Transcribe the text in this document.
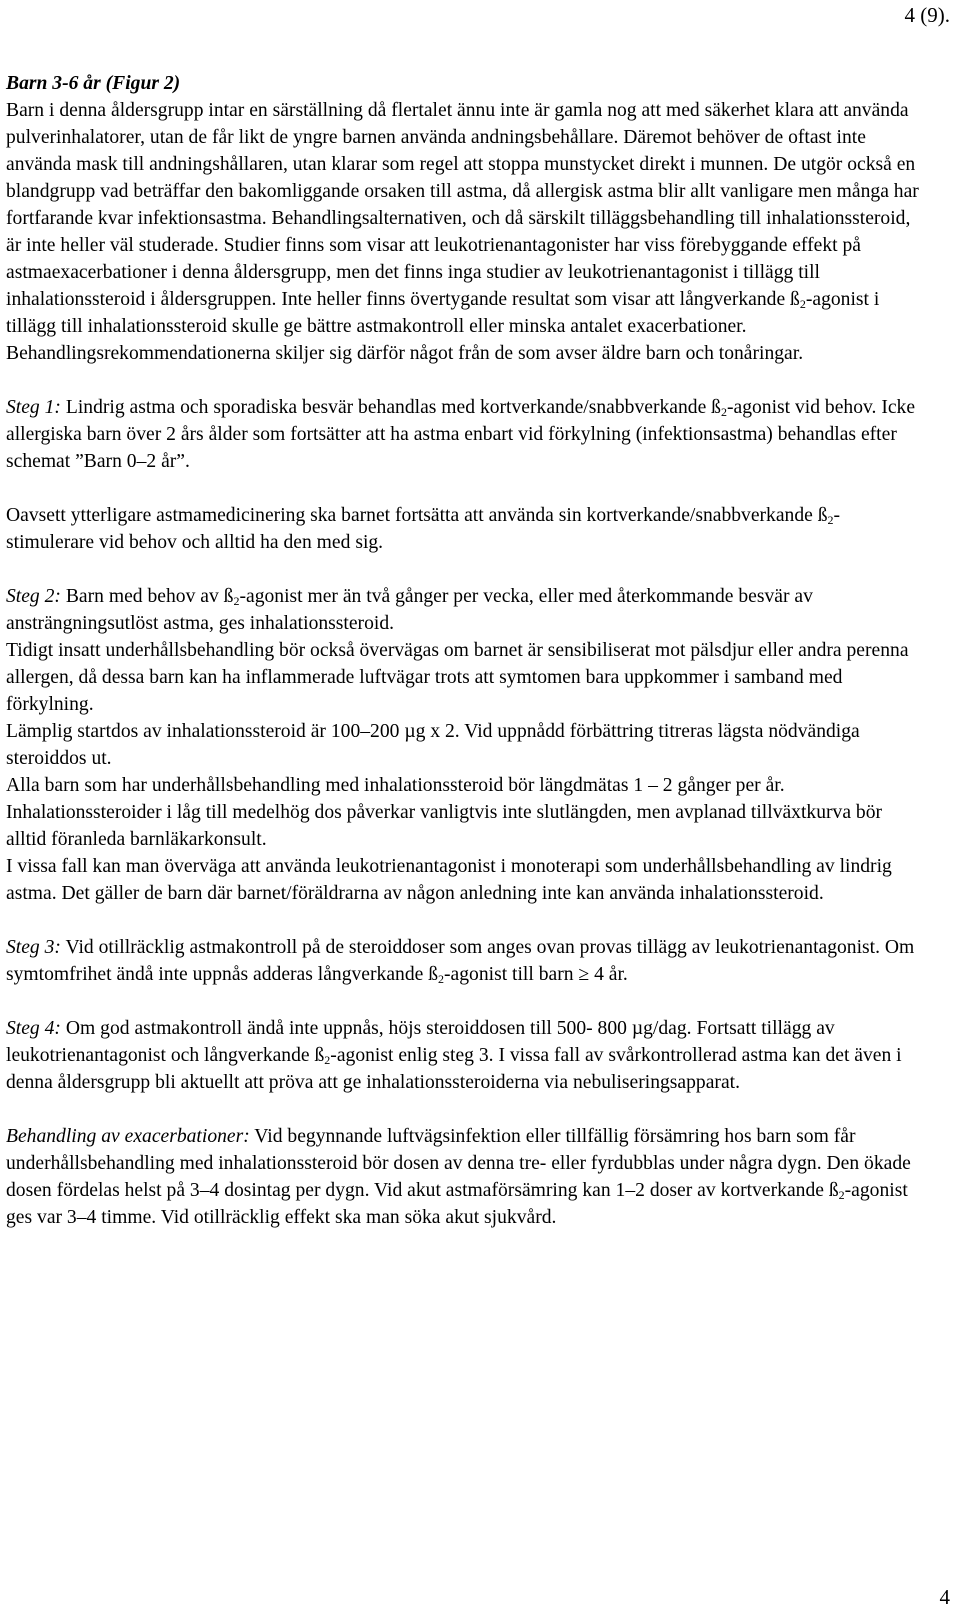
4 (9).

Barn 3-6 år (Figur 2)

Barn i denna åldersgrupp intar en särställning då flertalet ännu inte är gamla nog att med säkerhet klara att använda pulverinhalatorer, utan de får likt de yngre barnen använda andningsbehållare. Däremot behöver de oftast inte använda mask till andningshållaren, utan klarar som regel att stoppa munstycket direkt i munnen. De utgör också en blandgrupp vad beträffar den bakomliggande orsaken till astma, då allergisk astma blir allt vanligare men många har fortfarande kvar infektionsastma. Behandlingsalternativen, och då särskilt tilläggsbehandling till inhalationssteroid, är inte heller väl studerade. Studier finns som visar att leukotrienantagonister har viss förebyggande effekt på astmaexacerbationer i denna åldersgrupp, men det finns inga studier av leukotrienantagonist i tillägg till inhalationssteroid i åldersgruppen. Inte heller finns övertygande resultat som visar att långverkande $ß_2$-agonist i tillägg till inhalationssteroid skulle ge bättre astmakontroll eller minska antalet exacerbationer. Behandlingsrekommendationerna skiljer sig därför något från de som avser äldre barn och tonåringar.

Steg 1: Lindrig astma och sporadiska besvär behandlas med kortverkande/snabbverkande $ß_2$-agonist vid behov. Icke allergiska barn över 2 års ålder som fortsätter att ha astma enbart vid förkylning (infektionsastma) behandlas efter schemat ”Barn 0–2 år”.

Oavsett ytterligare astmamedicinering ska barnet fortsätta att använda sin kortverkande/snabbverkande $ß_2$-stimulerare vid behov och alltid ha den med sig.

Steg 2: Barn med behov av $ß_2$-agonist mer än två gånger per vecka, eller med återkommande besvär av ansträngningsutlöst astma, ges inhalationssteroid.

Tidigt insatt underhållsbehandling bör också övervägas om barnet är sensibiliserat mot pälsdjur eller andra perenna allergen, då dessa barn kan ha inflammerade luftvägar trots att symtomen bara uppkommer i samband med förkylning.

Lämplig startdos av inhalationssteroid är 100–200 µg x 2. Vid uppnådd förbättring titreras lägsta nödvändiga steroiddos ut.

Alla barn som har underhållsbehandling med inhalationssteroid bör längdmätas 1 – 2 gånger per år. Inhalationssteroider i låg till medelhög dos påverkar vanligtvis inte slutlängden, men avplanad tillväxtkurva bör alltid föranleda barnläkarkonsult.

I vissa fall kan man överväga att använda leukotrienantagonist i monoterapi som underhållsbehandling av lindrig astma. Det gäller de barn där barnet/föräldrarna av någon anledning inte kan använda inhalationssteroid.

Steg 3: Vid otillräcklig astmakontroll på de steroiddoser som anges ovan provas tillägg av leukotrienantagonist. Om symtomfrihet ändå inte uppnås adderas långverkande $ß_2$-agonist till barn ≥ 4 år.

Steg 4: Om god astmakontroll ändå inte uppnås, höjs steroiddosen till 500- 800 µg/dag. Fortsatt tillägg av leukotrienantagonist och långverkande $ß_2$-agonist enlig steg 3. I vissa fall av svårkontrollerad astma kan det även i denna åldersgrupp bli aktuellt att pröva att ge inhalationssteroiderna via nebuliseringsapparat.

Behandling av exacerbationer: Vid begynnande luftvägsinfektion eller tillfällig försämring hos barn som får underhållsbehandling med inhalationssteroid bör dosen av denna tre- eller fyrdubblas under några dygn. Den ökade dosen fördelas helst på 3–4 dosintag per dygn. Vid akut astmaförsämring kan 1–2 doser av kortverkande $ß_2$-agonist ges var 3–4 timme. Vid otillräcklig effekt ska man söka akut sjukvård.

4
